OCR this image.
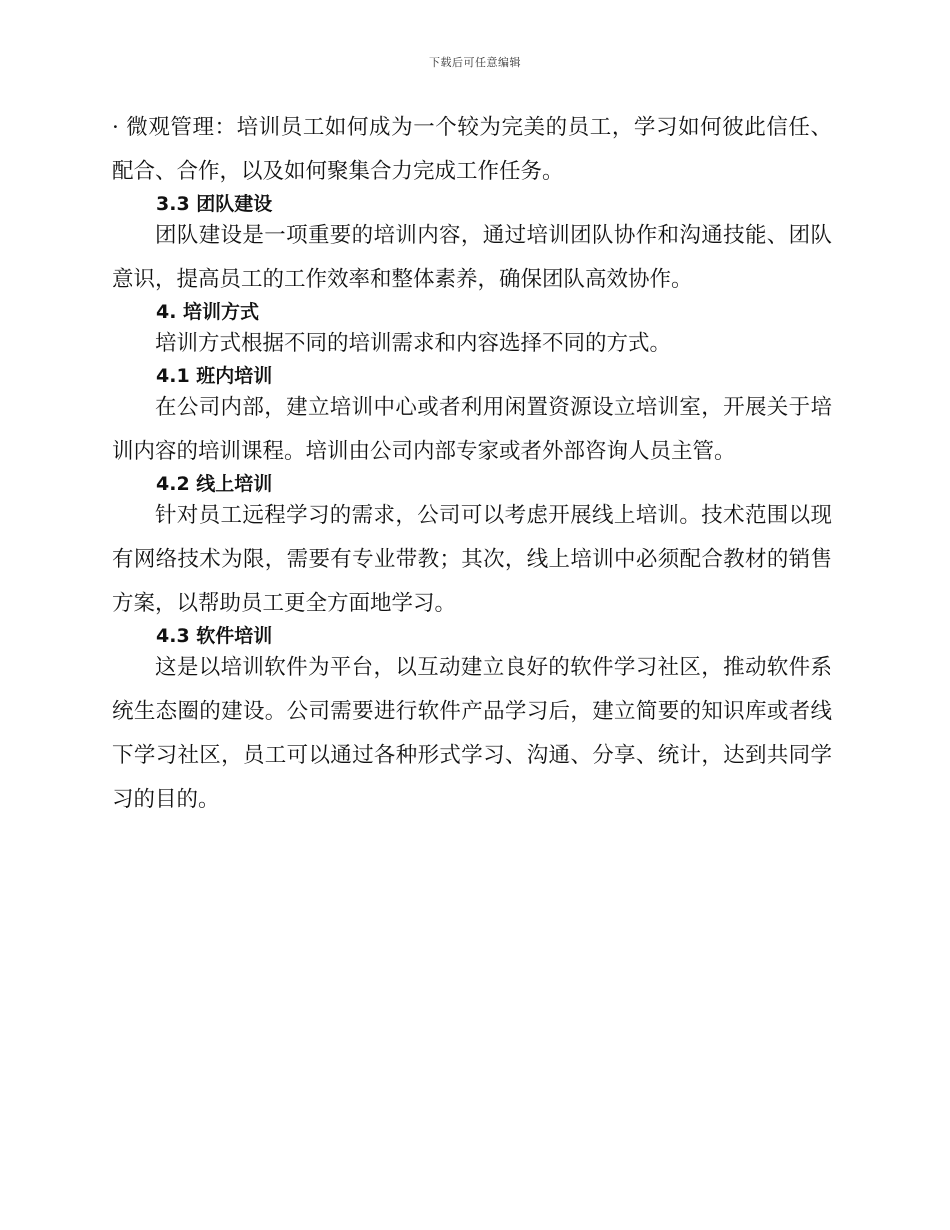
下载后可任意编辑

· 微观管理：培训员工如何成为一个较为完美的员工，学习如何彼此信任、配合、合作，以及如何聚集合力完成工作任务。

3.3 团队建设

团队建设是一项重要的培训内容，通过培训团队协作和沟通技能、团队意识，提高员工的工作效率和整体素养，确保团队高效协作。

4. 培训方式

培训方式根据不同的培训需求和内容选择不同的方式。

4.1 班内培训

在公司内部，建立培训中心或者利用闲置资源设立培训室，开展关于培训内容的培训课程。培训由公司内部专家或者外部咨询人员主管。

4.2 线上培训

针对员工远程学习的需求，公司可以考虑开展线上培训。技术范围以现有网络技术为限，需要有专业带教；其次，线上培训中必须配合教材的销售方案，以帮助员工更全方面地学习。

4.3 软件培训

这是以培训软件为平台，以互动建立良好的软件学习社区，推动软件系统生态圈的建设。公司需要进行软件产品学习后，建立简要的知识库或者线下学习社区，员工可以通过各种形式学习、沟通、分享、统计，达到共同学习的目的。
